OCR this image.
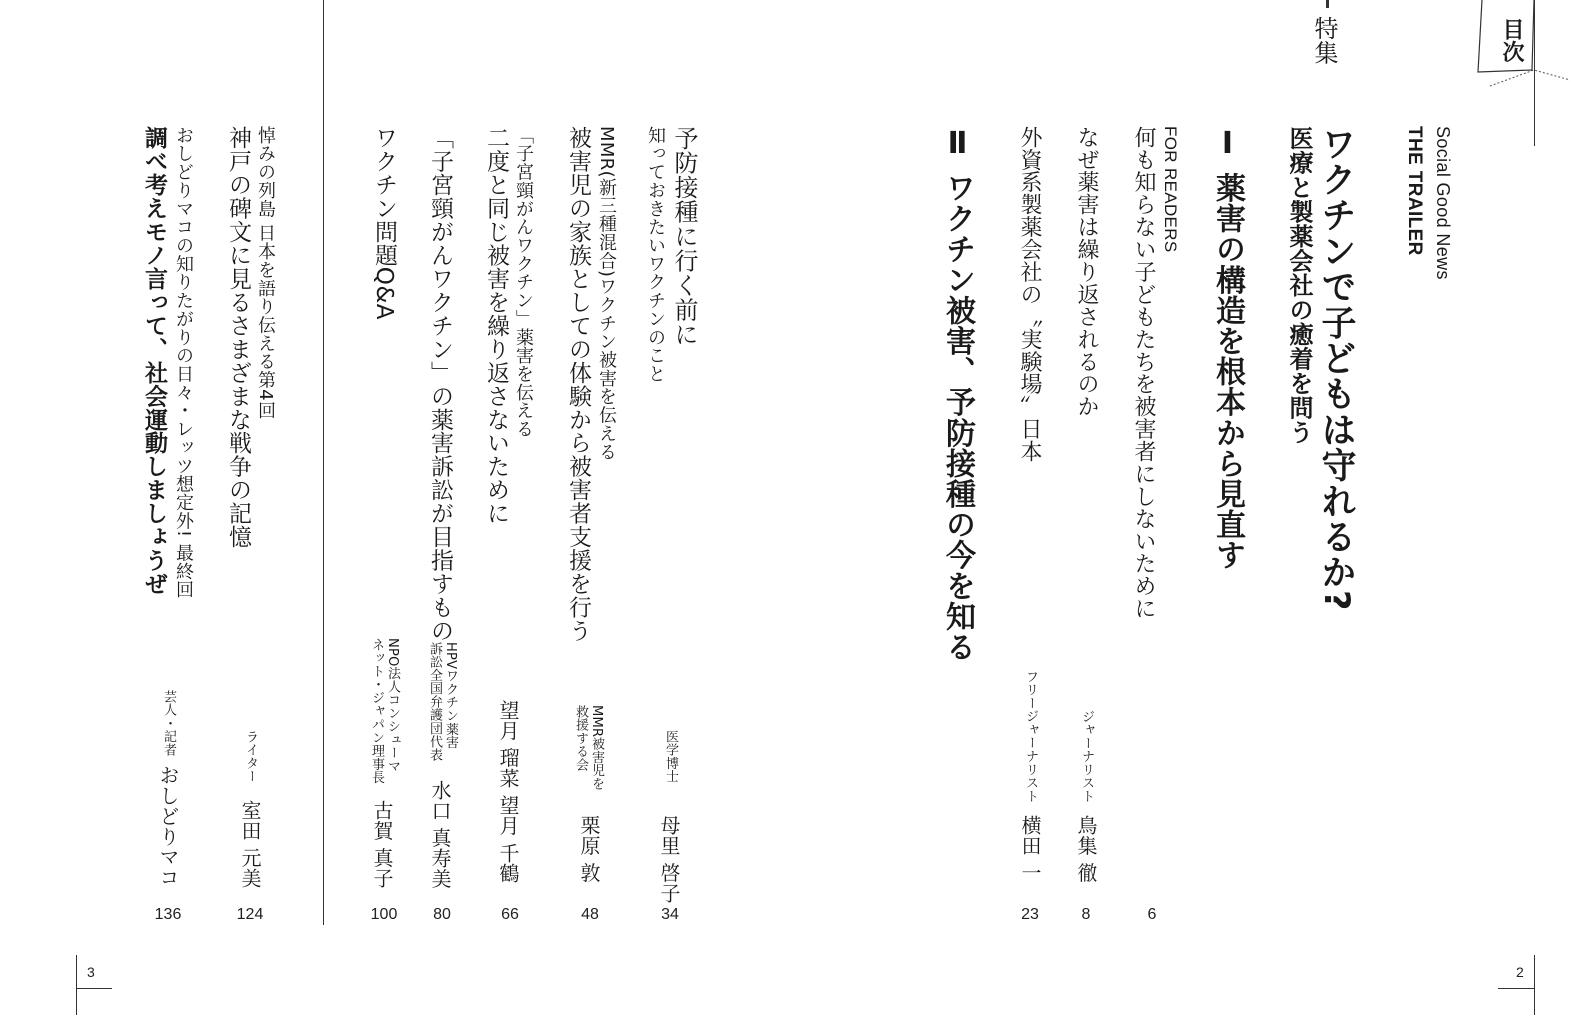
目次
特集
Social Good News
THE TRAILER
ワクチンで子どもは守れるか?
医療と製薬会社の癒着を問う
Ⅰ 薬害の構造を根本から見直す
FOR READERS
何も知らない子どもたちを被害者にしないために
6
なぜ薬害は繰り返されるのか
ジャーナリスト
鳥集 徹
8
外資系製薬会社の〝実験場〟日本
フリージャーナリスト
横田 一
23
Ⅱ ワクチン被害、予防接種の今を知る
予防接種に行く前に
知っておきたいワクチンのこと
医学博士
母里 啓子
34
MMR(新三種混合)ワクチン被害を伝える
被害児の家族としての体験から被害者支援を行う
MMR被害児を
救援する会
栗原 敦
48
「子宮頸がんワクチン」薬害を伝える
二度と同じ被害を繰り返さないために
望月 瑠菜 望月 千鶴
66
「子宮頸がんワクチン」の薬害訴訟が目指すもの
HPVワクチン薬害
訴訟全国弁護団代表
水口 真寿美
80
ワクチン問題Q&A
NPO法人コンシューマ
ネット・ジャパン理事長
古賀 真子
100
悼みの列島 日本を語り伝える第4回
神戸の碑文に見るさまざまな戦争の記憶
ライター
室田 元美
124
おしどりマコの知りたがりの日々・レッツ想定外! 最終回
調べ考えモノ言って、社会運動しましょうぜ
芸人・記者
おしどりマコ
136
3	2
